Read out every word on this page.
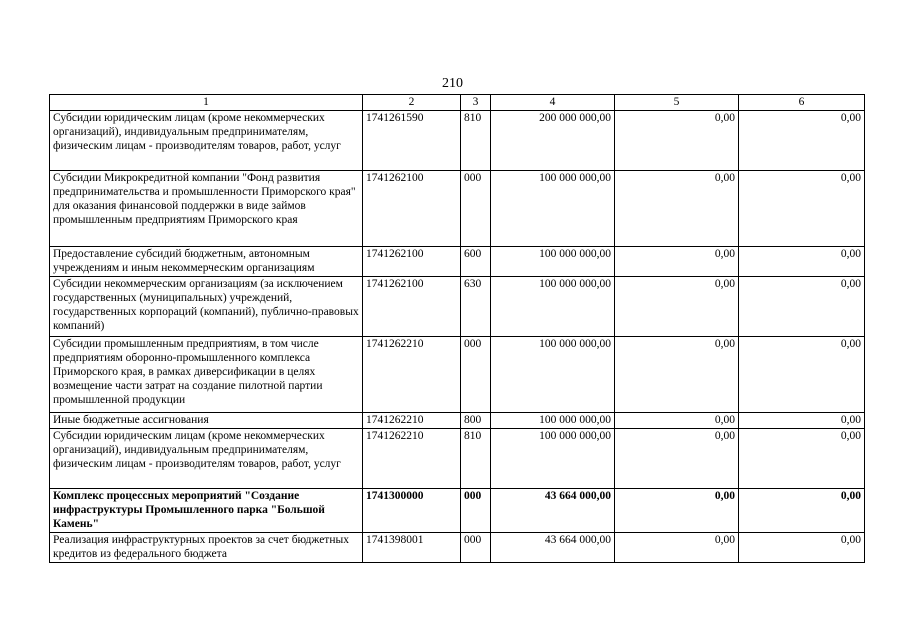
210
1	2	3	4	5	6
Субсидии юридическим лицам (кроме некоммерческих организаций), индивидуальным предпринимателям, физическим лицам - производителям товаров, работ, услуг	1741261590	810	200 000 000,00	0,00	0,00
Субсидии Микрокредитной компании "Фонд развития предпринимательства и промышленности Приморского края" для оказания финансовой поддержки в виде займов промышленным предприятиям Приморского края	1741262100	000	100 000 000,00	0,00	0,00
Предоставление субсидий бюджетным, автономным учреждениям и иным некоммерческим организациям	1741262100	600	100 000 000,00	0,00	0,00
Субсидии некоммерческим организациям (за исключением государственных (муниципальных) учреждений, государственных корпораций (компаний), публично-правовых компаний)	1741262100	630	100 000 000,00	0,00	0,00
Субсидии промышленным предприятиям, в том числе предприятиям оборонно-промышленного комплекса Приморского края, в рамках диверсификации в целях возмещение части затрат на создание пилотной партии промышленной продукции	1741262210	000	100 000 000,00	0,00	0,00
Иные бюджетные ассигнования	1741262210	800	100 000 000,00	0,00	0,00
Субсидии юридическим лицам (кроме некоммерческих организаций), индивидуальным предпринимателям, физическим лицам - производителям товаров, работ, услуг	1741262210	810	100 000 000,00	0,00	0,00
Комплекс процессных мероприятий "Создание инфраструктуры Промышленного парка "Большой Камень"	1741300000	000	43 664 000,00	0,00	0,00
Реализация инфраструктурных проектов за счет бюджетных кредитов из федерального бюджета	1741398001	000	43 664 000,00	0,00	0,00
